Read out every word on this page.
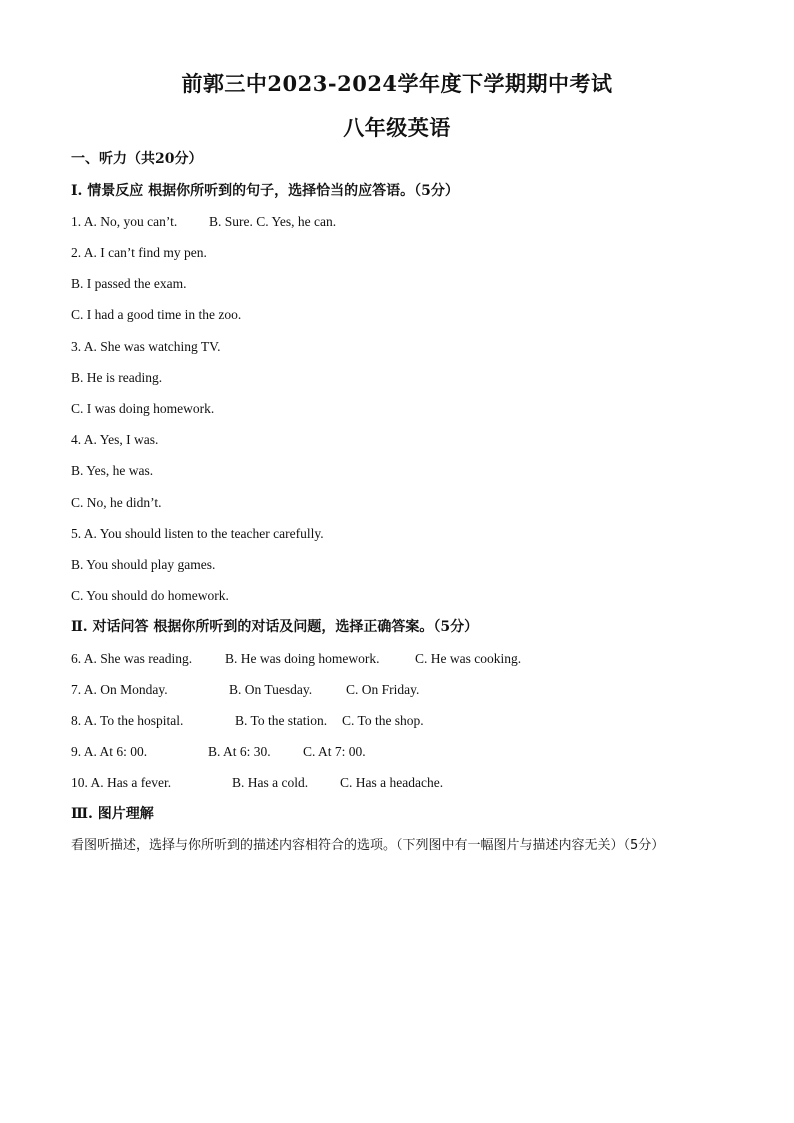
前郭三中2023-2024学年度下学期期中考试
八年级英语
一、听力（共20分）
I. 情景反应 根据你所听到的句子，选择恰当的应答语。（5分）
1. A. No, you can’t. B. Sure. C. Yes, he can.
2. A. I can’t find my pen.
B. I passed the exam.
C. I had a good time in the zoo.
3. A. She was watching TV.
B. He is reading.
C. I was doing homework.
4. A. Yes, I was.
B. Yes, he was.
C. No, he didn’t.
5. A. You should listen to the teacher carefully.
B. You should play games.
C. You should do homework.
Ⅱ. 对话问答 根据你所听到的对话及问题，选择正确答案。（5分）
6. A. She was reading. B. He was doing homework.	C. He was cooking.
7. A. On Monday.	B. On Tuesday.	C. On Friday.
8. A. To the hospital.	B. To the station. C. To the shop.
9. A. At 6: 00.	B. At 6: 30. C. At 7: 00.
10. A. Has a fever.	B. Has a cold. C. Has a headache.
Ⅲ. 图片理解
看图听描述，选择与你所听到的描述内容相符合的选项。（下列图中有一幅图片与描述内容无关）（5分）
